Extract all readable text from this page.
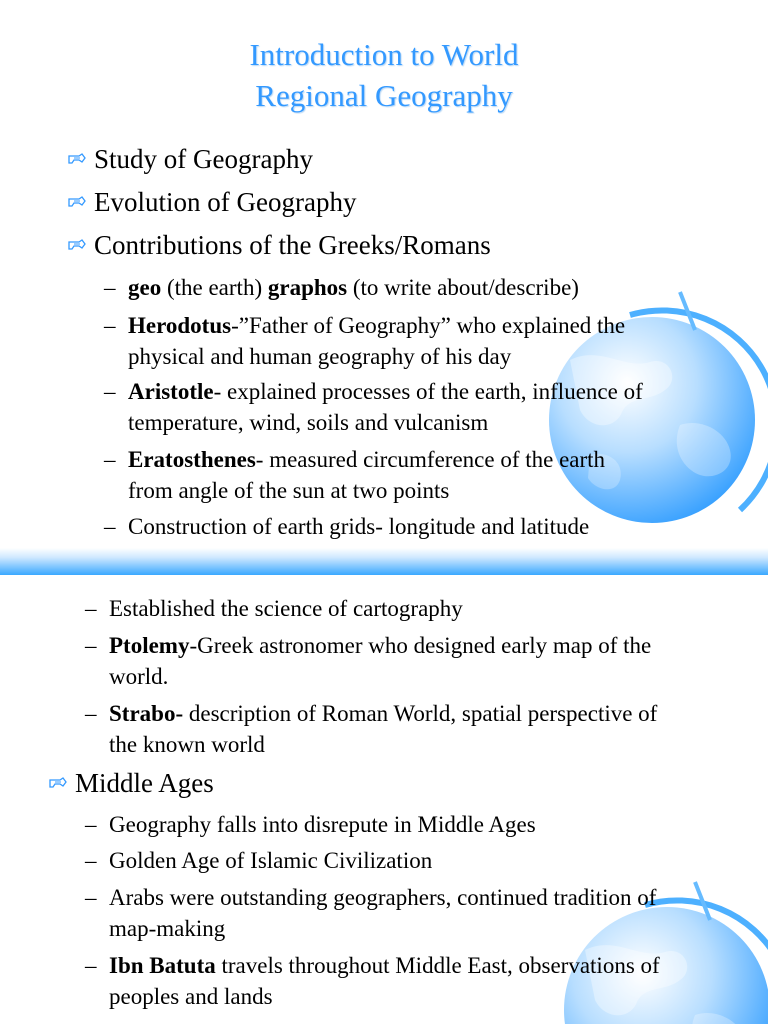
Introduction to World
Regional Geography
Study of Geography
Evolution of Geography
Contributions of the Greeks/Romans
– geo (the earth) graphos (to write about/describe)
– Herodotus-”Father of Geography” who explained the
physical and human geography of his day
– Aristotle- explained processes of the earth, influence of
temperature, wind, soils and vulcanism
– Eratosthenes- measured circumference of the earth
from angle of the sun at two points
– Construction of earth grids- longitude and latitude
– Established the science of cartography
– Ptolemy-Greek astronomer who designed early map of the
world.
– Strabo- description of Roman World, spatial perspective of
the known world
Middle Ages
– Geography falls into disrepute in Middle Ages
– Golden Age of Islamic Civilization
– Arabs were outstanding geographers, continued tradition of
map-making
– Ibn Batuta travels throughout Middle East, observations of
peoples and lands
